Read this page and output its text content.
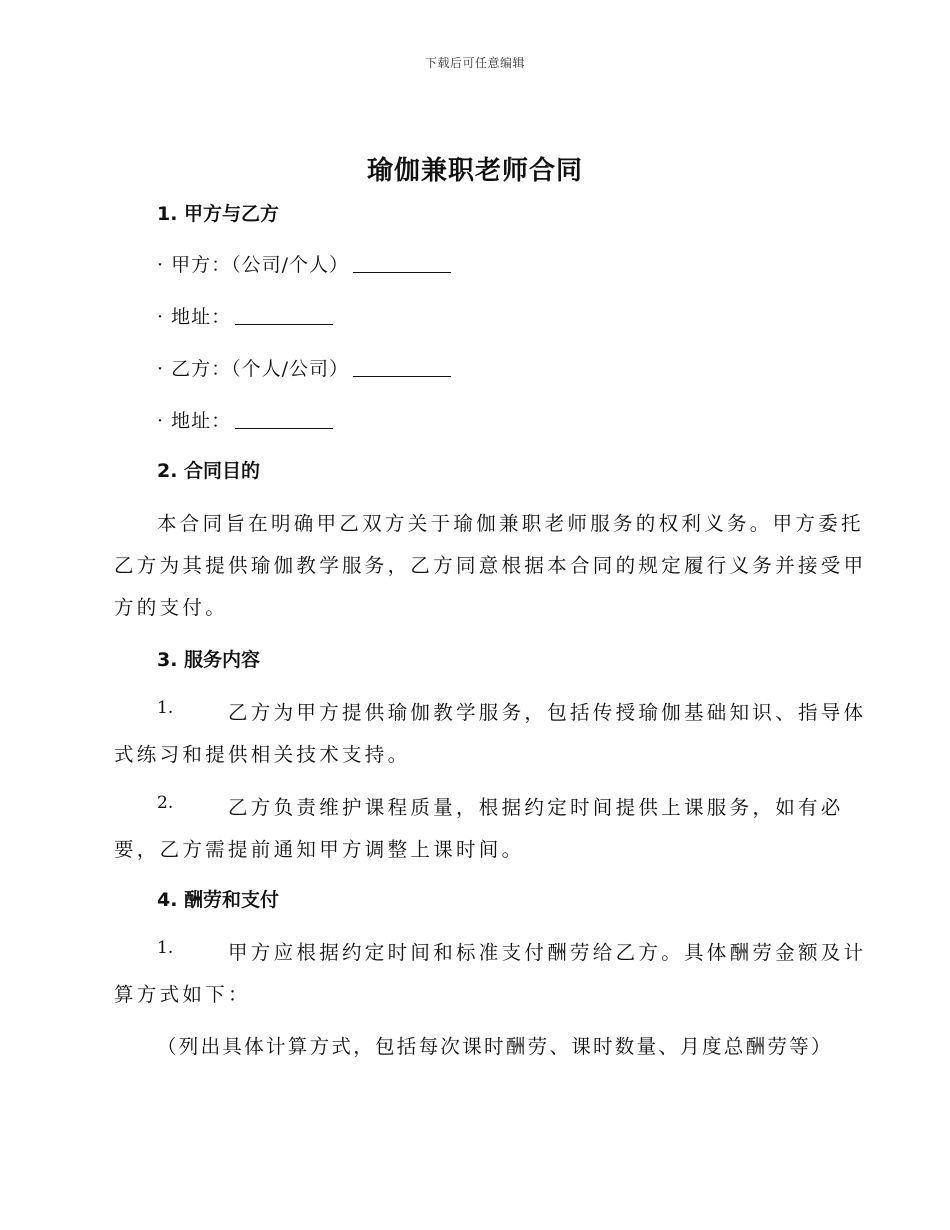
下载后可任意编辑
瑜伽兼职老师合同
1. 甲方与乙方
· 甲方：（公司/个人）
· 地址：
· 乙方：（个人/公司）
· 地址：
2. 合同目的
本合同旨在明确甲乙双方关于瑜伽兼职老师服务的权利义务。甲方委托
乙方为其提供瑜伽教学服务，乙方同意根据本合同的规定履行义务并接受甲
方的支付。
3. 服务内容
1.	乙方为甲方提供瑜伽教学服务，包括传授瑜伽基础知识、指导体
式练习和提供相关技术支持。
2.	乙方负责维护课程质量，根据约定时间提供上课服务，如有必
要，乙方需提前通知甲方调整上课时间。
4. 酬劳和支付
1.	甲方应根据约定时间和标准支付酬劳给乙方。具体酬劳金额及计
算方式如下：
（列出具体计算方式，包括每次课时酬劳、课时数量、月度总酬劳等）
